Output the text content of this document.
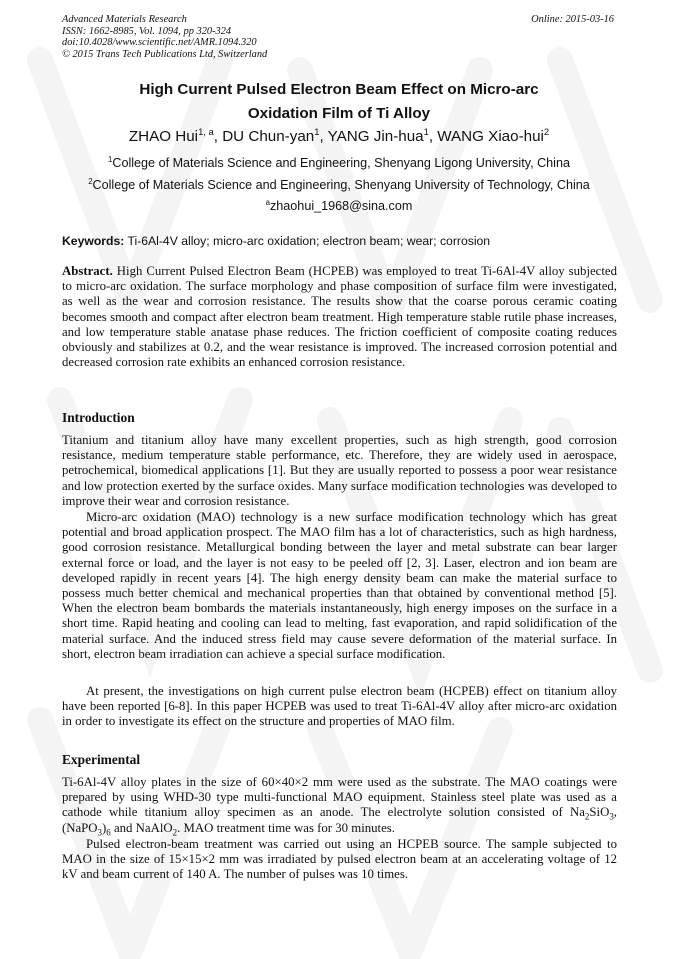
Advanced Materials Research
ISSN: 1662-8985, Vol. 1094, pp 320-324
doi:10.4028/www.scientific.net/AMR.1094.320
© 2015 Trans Tech Publications Ltd, Switzerland
Online: 2015-03-16
High Current Pulsed Electron Beam Effect on Micro-arc
Oxidation Film of Ti Alloy
ZHAO Hui$^{1, a}$, DU Chun-yan$^1$, YANG Jin-hua$^1$, WANG Xiao-hui$^2$
$^1$College of Materials Science and Engineering, Shenyang Ligong University, China
$^2$College of Materials Science and Engineering, Shenyang University of Technology, China
$^a$zhaohui_1968@sina.com
Keywords: Ti-6Al-4V alloy; micro-arc oxidation; electron beam; wear; corrosion

Abstract. High Current Pulsed Electron Beam (HCPEB) was employed to treat Ti-6Al-4V alloy subjected to micro-arc oxidation. The surface morphology and phase composition of surface film were investigated, as well as the wear and corrosion resistance. The results show that the coarse porous ceramic coating becomes smooth and compact after electron beam treatment. High temperature stable rutile phase increases, and low temperature stable anatase phase reduces. The friction coefficient of composite coating reduces obviously and stabilizes at 0.2, and the wear resistance is improved. The increased corrosion potential and decreased corrosion rate exhibits an enhanced corrosion resistance.

Introduction

Titanium and titanium alloy have many excellent properties, such as high strength, good corrosion resistance, medium temperature stable performance, etc. Therefore, they are widely used in aerospace, petrochemical, biomedical applications [1]. But they are usually reported to possess a poor wear resistance and low protection exerted by the surface oxides. Many surface modification technologies was developed to improve their wear and corrosion resistance.

Micro-arc oxidation (MAO) technology is a new surface modification technology which has great potential and broad application prospect. The MAO film has a lot of characteristics, such as high hardness, good corrosion resistance. Metallurgical bonding between the layer and metal substrate can bear larger external force or load, and the layer is not easy to be peeled off [2, 3]. Laser, electron and ion beam are developed rapidly in recent years [4]. The high energy density beam can make the material surface to possess much better chemical and mechanical properties than that obtained by conventional method [5]. When the electron beam bombards the materials instantaneously, high energy imposes on the surface in a short time. Rapid heating and cooling can lead to melting, fast evaporation, and rapid solidification of the material surface. And the induced stress field may cause severe deformation of the material surface. In short, electron beam irradiation can achieve a special surface modification.

At present, the investigations on high current pulse electron beam (HCPEB) effect on titanium alloy have been reported [6-8]. In this paper HCPEB was used to treat Ti-6Al-4V alloy after micro-arc oxidation in order to investigate its effect on the structure and properties of MAO film.

Experimental

Ti-6Al-4V alloy plates in the size of 60×40×2 mm were used as the substrate. The MAO coatings were prepared by using WHD-30 type multi-functional MAO equipment. Stainless steel plate was used as a cathode while titanium alloy specimen as an anode. The electrolyte solution consisted of $Na_2SiO_3$, $(NaPO_3)_6$ and NaAlO$_2$. MAO treatment time was for 30 minutes.

Pulsed electron-beam treatment was carried out using an HCPEB source. The sample subjected to MAO in the size of 15×15×2 mm was irradiated by pulsed electron beam at an accelerating voltage of 12 kV and beam current of 140 A. The number of pulses was 10 times.
